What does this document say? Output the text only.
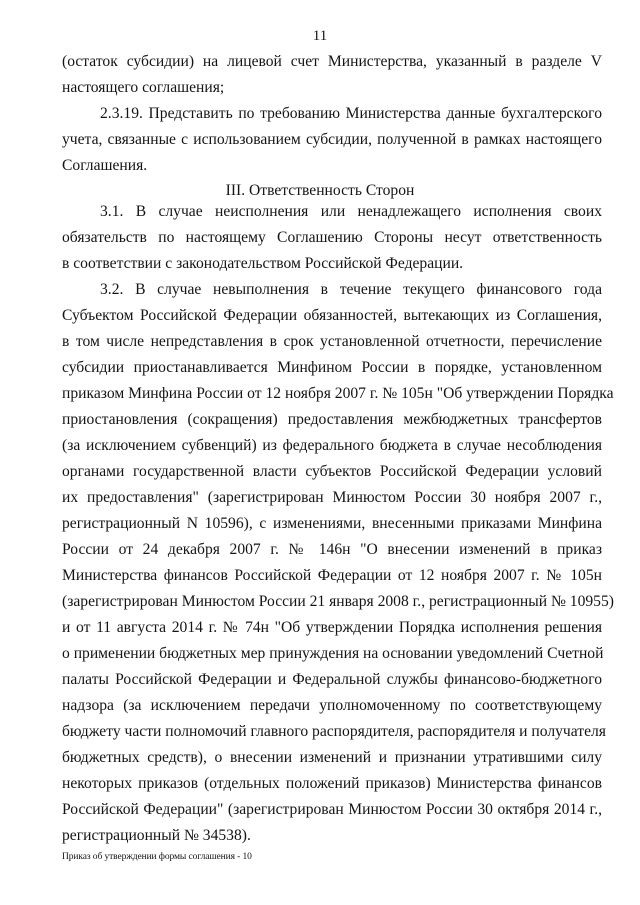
11
(остаток субсидии) на лицевой счет Министерства, указанный в разделе V
настоящего соглашения;
2.3.19. Представить по требованию Министерства данные бухгалтерского
учета, связанные с использованием субсидии, полученной в рамках настоящего
Соглашения.
III. Ответственность Сторон
3.1. В случае неисполнения или ненадлежащего исполнения своих
обязательств по настоящему Соглашению Стороны несут ответственность
в соответствии с законодательством Российской Федерации.
3.2. В случае невыполнения в течение текущего финансового года
Субъектом Российской Федерации обязанностей, вытекающих из Соглашения,
в том числе непредставления в срок установленной отчетности, перечисление
субсидии приостанавливается Минфином России в порядке, установленном
приказом Минфина России от 12 ноября 2007 г. № 105н "Об утверждении Порядка
приостановления (сокращения) предоставления межбюджетных трансфертов
(за исключением субвенций) из федерального бюджета в случае несоблюдения
органами государственной власти субъектов Российской Федерации условий
их предоставления" (зарегистрирован Минюстом России 30 ноября 2007 г.,
регистрационный N 10596), с изменениями, внесенными приказами Минфина
России от 24 декабря 2007 г. № 146н "О внесении изменений в приказ
Министерства финансов Российской Федерации от 12 ноября 2007 г. № 105н
(зарегистрирован Минюстом России 21 января 2008 г., регистрационный № 10955)
и от 11 августа 2014 г. № 74н "Об утверждении Порядка исполнения решения
о применении бюджетных мер принуждения на основании уведомлений Счетной
палаты Российской Федерации и Федеральной службы финансово-бюджетного
надзора (за исключением передачи уполномоченному по соответствующему
бюджету части полномочий главного распорядителя, распорядителя и получателя
бюджетных средств), о внесении изменений и признании утратившими силу
некоторых приказов (отдельных положений приказов) Министерства финансов
Российской Федерации" (зарегистрирован Минюстом России 30 октября 2014 г.,
регистрационный № 34538).
Приказ об утверждении формы соглашения - 10
